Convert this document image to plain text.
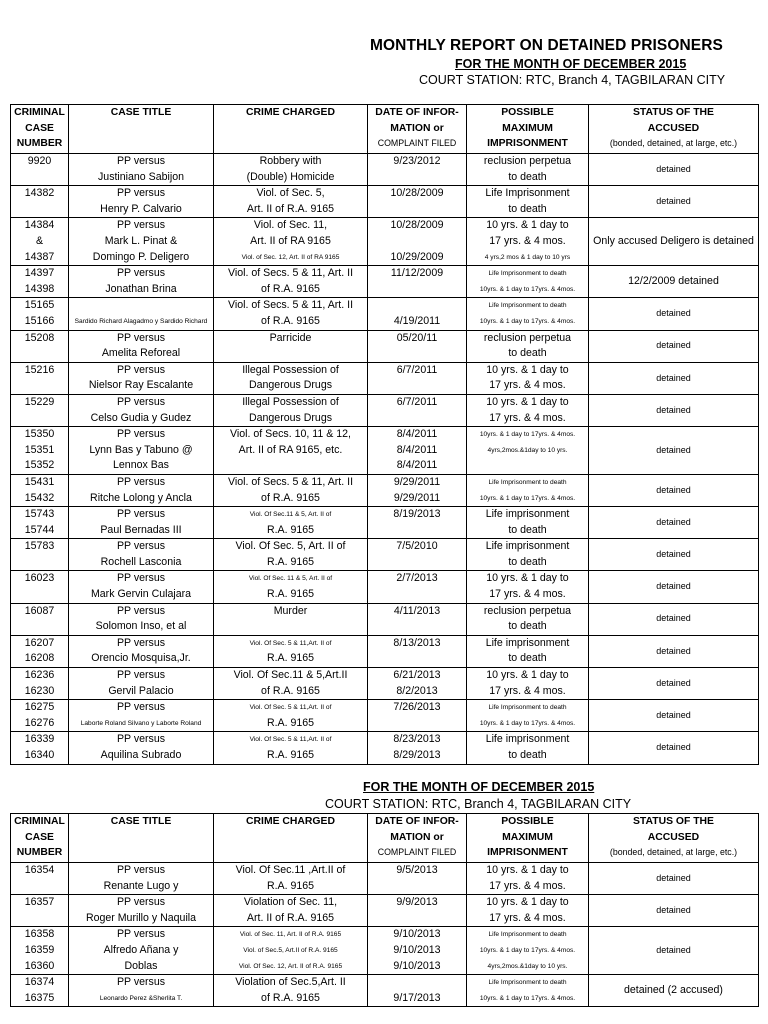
MONTHLY REPORT ON DETAINED PRISONERS
FOR THE MONTH OF DECEMBER 2015
COURT STATION: RTC, Branch 4, TAGBILARAN CITY
CRIMINAL
CASE
NUMBER	CASE TITLE	CRIME CHARGED	DATE OF INFOR-
MATION or
COMPLAINT FILED	POSSIBLE
MAXIMUM
IMPRISONMENT	STATUS OF THE
ACCUSED
(bonded, detained, at large, etc.)

9920	PP versus
Justiniano Sabijon	Robbery with
(Double) Homicide	9/23/2012	reclusion perpetua
to death	detained

14382	PP versus
Henry P. Calvario	Viol. of Sec. 5,
Art. II of R.A. 9165	10/28/2009	Life Imprisonment
to death	detained

14384
&
14387	PP versus
Mark L. Pinat &
Domingo P. Deligero	Viol. of Sec. 11,
Art. II of RA 9165
Viol. of Sec. 12, Art. II of RA 9165	10/28/2009
10/29/2009	10 yrs. & 1 day to
17 yrs. & 4 mos.
4 yrs,2 mos & 1 day to 10 yrs	Only accused Deligero is detained

14397
14398	PP versus
Jonathan Brina	Viol. of Secs. 5 & 11, Art. II
of R.A. 9165	11/12/2009	Life Imprisonment to death
10yrs. & 1 day to 17yrs. & 4mos.	12/2/2009 detained

15165
15166	Sardido Richard Alagadmo y Sardido Richard	Viol. of Secs. 5 & 11, Art. II
of R.A. 9165	4/19/2011	Life Imprisonment to death
10yrs. & 1 day to 17yrs. & 4mos.	detained

15208	PP versus
Amelita Reforeal	Parricide	05/20/11	reclusion perpetua
to death	detained

15216	PP versus
Nielsor Ray Escalante	Illegal Possession of
Dangerous Drugs	6/7/2011	10 yrs. & 1 day to
17 yrs. & 4 mos.	detained

15229	PP versus
Celso Gudia y Gudez	Illegal Possession of
Dangerous Drugs	6/7/2011	10 yrs. & 1 day to
17 yrs. & 4 mos.	detained

15350
15351
15352	PP versus
Lynn Bas y Tabuno @
Lennox Bas	Viol. of Secs. 10, 11 & 12,
Art. II of RA 9165, etc.	8/4/2011
8/4/2011
8/4/2011	10yrs. & 1 day to 17yrs. & 4mos.
4yrs,2mos.&1day to 10 yrs.	detained

15431
15432	PP versus
Ritche Lolong y Ancla	Viol. of Secs. 5 & 11, Art. II
of R.A. 9165	9/29/2011
9/29/2011	Life Imprisonment to death
10yrs. & 1 day to 17yrs. & 4mos.	detained

15743
15744	PP versus
Paul Bernadas III	Viol. Of Sec.11 & 5, Art. II of
R.A. 9165	8/19/2013	Life imprisonment
to death	detained

15783	PP versus
Rochell Lasconia	Viol. Of Sec. 5, Art. II of
R.A. 9165	7/5/2010	Life imprisonment
to death	detained

16023	PP versus
Mark Gervin Culajara	Viol. Of Sec. 11 & 5, Art. II of
R.A. 9165	2/7/2013	10 yrs. & 1 day to
17 yrs. & 4 mos.	detained

16087	PP versus
Solomon Inso, et al	Murder	4/11/2013	reclusion perpetua
to death	detained

16207
16208	PP versus
Orencio Mosquisa,Jr.	Viol. Of Sec. 5 & 11,Art. II of
R.A. 9165	8/13/2013	Life imprisonment
to death	detained

16236
16230	PP versus
Gervil Palacio	Viol. Of Sec.11 & 5,Art.II
of R.A. 9165	6/21/2013
8/2/2013	10 yrs. & 1 day to
17 yrs. & 4 mos.	detained

16275
16276	PP versus
Laborte Roland Silvano y Laborte Roland	Viol. Of Sec. 5 & 11,Art. II of
R.A. 9165	7/26/2013	Life Imprisonment to death
10yrs. & 1 day to 17yrs. & 4mos.	detained

16339
16340	PP versus
Aquilina Subrado	Viol. Of Sec. 5 & 11,Art. II of
R.A. 9165	8/23/2013
8/29/2013	Life imprisonment
to death	detained
FOR THE MONTH OF DECEMBER 2015
COURT STATION: RTC, Branch 4, TAGBILARAN CITY
CRIMINAL
CASE
NUMBER	CASE TITLE	CRIME CHARGED	DATE OF INFOR-
MATION or
COMPLAINT FILED	POSSIBLE
MAXIMUM
IMPRISONMENT	STATUS OF THE
ACCUSED
(bonded, detained, at large, etc.)

16354	PP versus
Renante Lugo y	Viol. Of Sec.11 ,Art.II of
R.A. 9165	9/5/2013	10 yrs. & 1 day to
17 yrs. & 4 mos.	detained

16357	PP versus
Roger Murillo y Naquila	Violation of Sec. 11,
Art. II of R.A. 9165	9/9/2013	10 yrs. & 1 day to
17 yrs. & 4 mos.	detained

16358
16359
16360	PP versus
Alfredo Añana y
Doblas	Viol. of Sec. 11, Art. II of R.A. 9165
Viol. of Sec.5, Art.II of R.A. 9165
Viol. Of Sec. 12, Art. II of R.A. 9165	9/10/2013
9/10/2013
9/10/2013	Life Imprisonment to death
10yrs. & 1 day to 17yrs. & 4mos.
4yrs,2mos.&1day to 10 yrs.	detained

16374
16375	PP versus
Leonardo Perez &Sherlita T.	Violation of Sec.5,Art. II
of R.A. 9165	9/17/2013	Life Imprisonment to death
10yrs. & 1 day to 17yrs. & 4mos.	detained (2 accused)
